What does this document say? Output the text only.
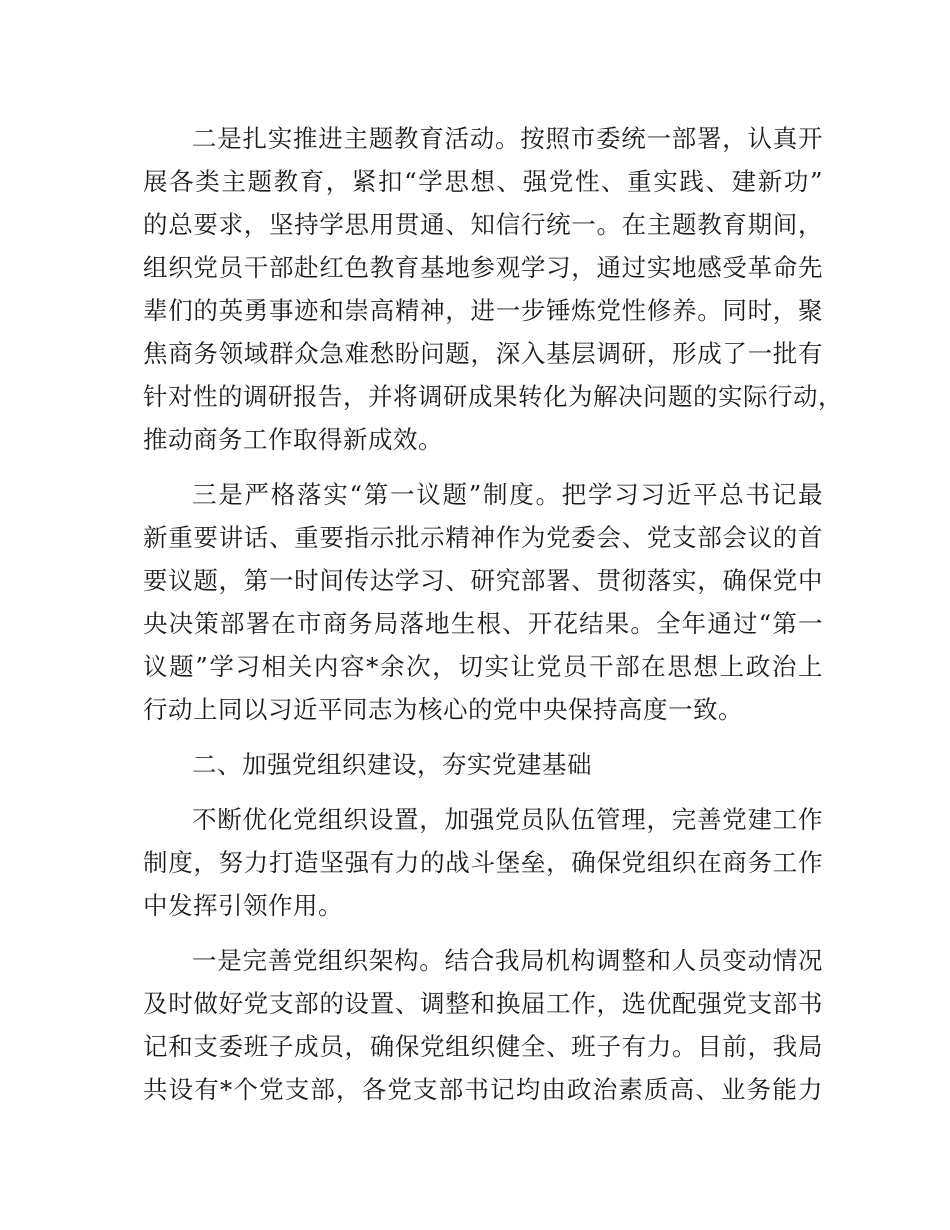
二是扎实推进主题教育活动。按照市委统一部署，认真开
展各类主题教育，紧扣“学思想、强党性、重实践、建新功”
的总要求，坚持学思用贯通、知信行统一。在主题教育期间，
组织党员干部赴红色教育基地参观学习，通过实地感受革命先
辈们的英勇事迹和崇高精神，进一步锤炼党性修养。同时，聚
焦商务领域群众急难愁盼问题，深入基层调研，形成了一批有
针对性的调研报告，并将调研成果转化为解决问题的实际行动，
推动商务工作取得新成效。
三是严格落实“第一议题”制度。把学习习近平总书记最
新重要讲话、重要指示批示精神作为党委会、党支部会议的首
要议题，第一时间传达学习、研究部署、贯彻落实，确保党中
央决策部署在市商务局落地生根、开花结果。全年通过“第一
议题”学习相关内容*余次，切实让党员干部在思想上政治上
行动上同以习近平同志为核心的党中央保持高度一致。
二、加强党组织建设，夯实党建基础
不断优化党组织设置，加强党员队伍管理，完善党建工作
制度，努力打造坚强有力的战斗堡垒，确保党组织在商务工作
中发挥引领作用。
一是完善党组织架构。结合我局机构调整和人员变动情况
及时做好党支部的设置、调整和换届工作，选优配强党支部书
记和支委班子成员，确保党组织健全、班子有力。目前，我局
共设有*个党支部，各党支部书记均由政治素质高、业务能力
